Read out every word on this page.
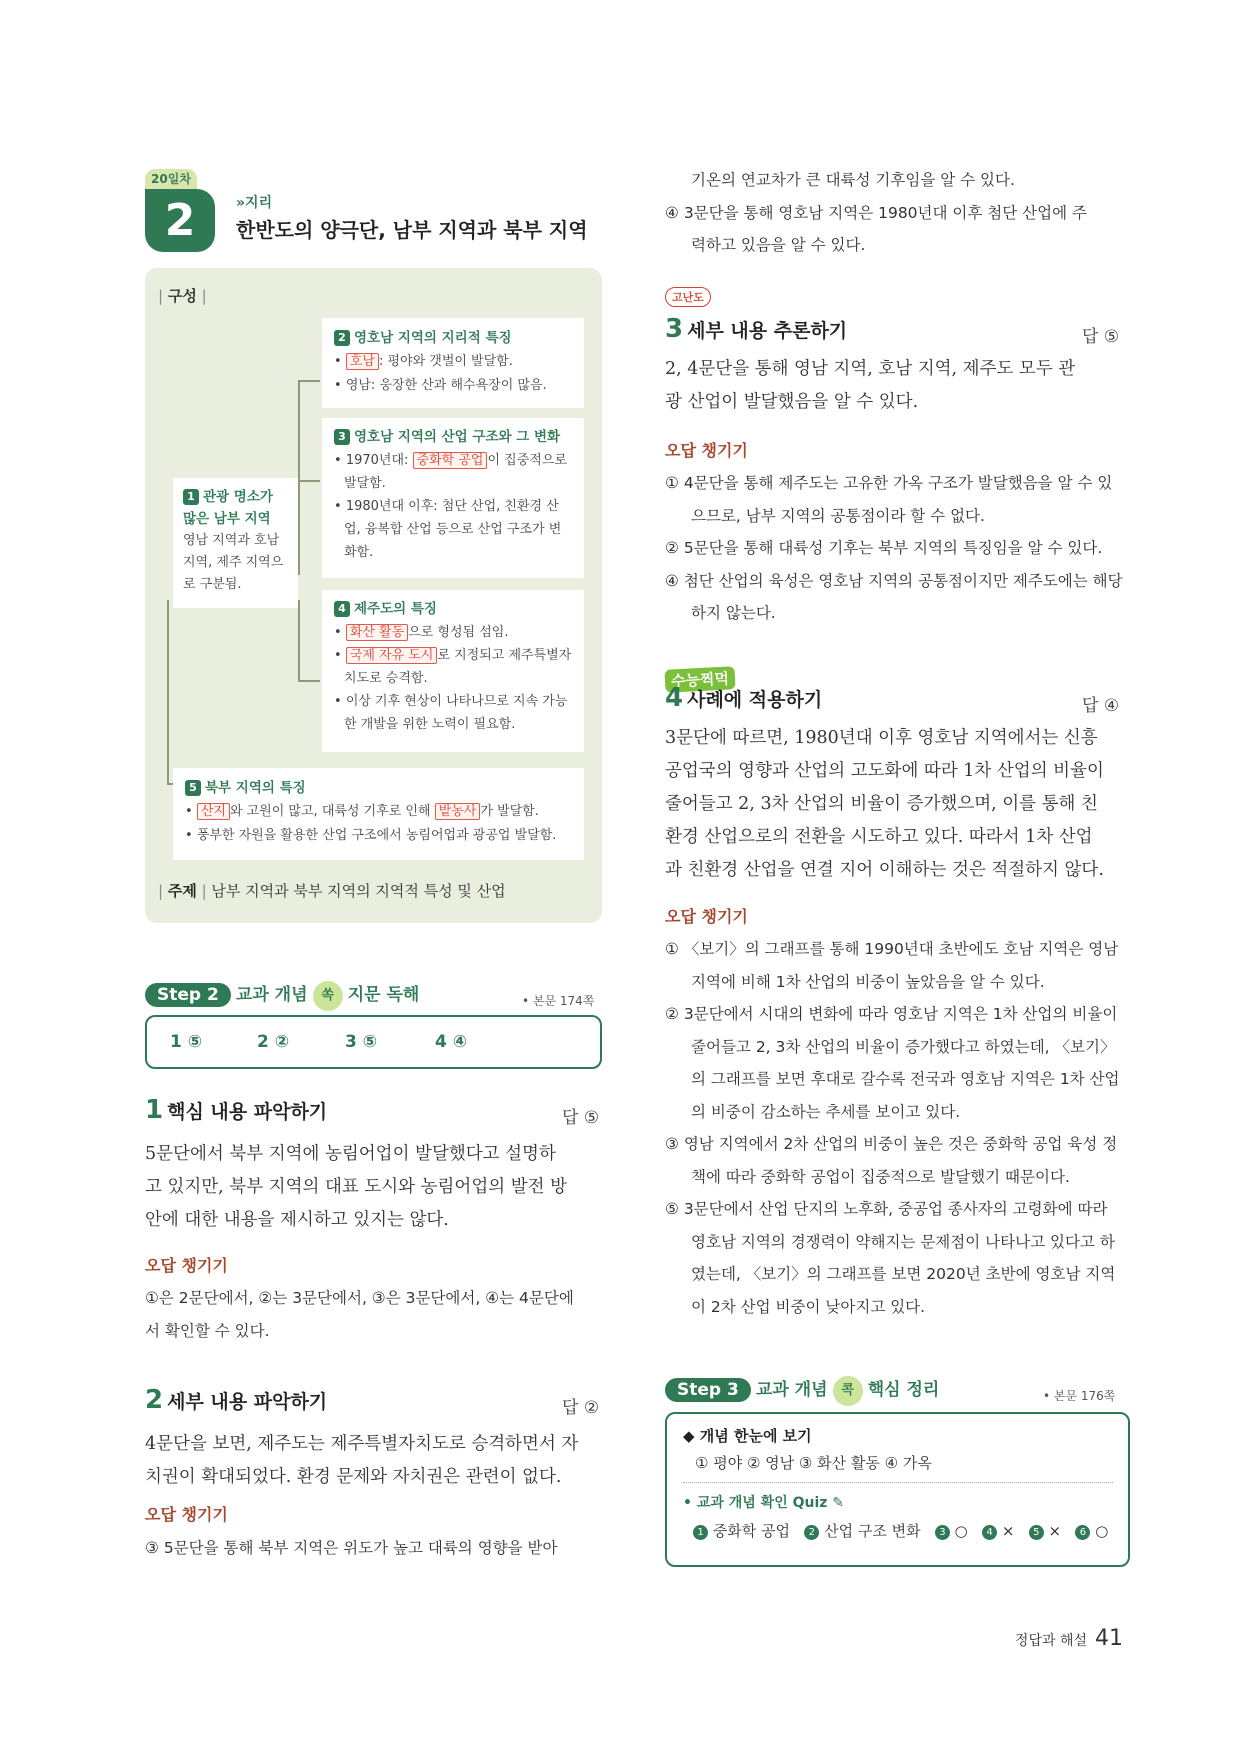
20일차
2	»지리
한반도의 양극단, 남부 지역과 북부 지역
| 구성 |
1 관광 명소가 많은 남부 지역
영남 지역과 호남 지역, 제주 지역으로 구분됨.
2 영호남 지역의 지리적 특징
• 호남 : 평야와 갯벌이 발달함.
• 영남: 웅장한 산과 해수욕장이 많음.
3 영호남 지역의 산업 구조와 그 변화
• 1970년대: 중화학 공업 이 집중적으로 발달함.
• 1980년대 이후: 첨단 산업, 친환경 산업, 융복합 산업 등으로 산업 구조가 변화함.
4 제주도의 특징
• 화산 활동 으로 형성됨 섬임.
• 국제 자유 도시 로 지정되고 제주특별자치도로 승격함.
• 이상 기후 현상이 나타나므로 지속 가능한 개발을 위한 노력이 필요함.
5 북부 지역의 특징
• 산지 와 고원이 많고, 대륙성 기후로 인해 밭농사 가 발달함.
• 풍부한 자원을 활용한 산업 구조에서 농림어업과 광공업 발달함.
| 주제 | 남부 지역과 북부 지역의 지역적 특성 및 산업
Step 2 교과 개념 쏙 지문 독해	• 본문 174쪽
1 ⑤	2 ②	3 ⑤	4 ④
1 핵심 내용 파악하기	답 ⑤
5문단에서 북부 지역에 농림어업이 발달했다고 설명하
고 있지만, 북부 지역의 대표 도시와 농림어업의 발전 방
안에 대한 내용을 제시하고 있지는 않다.
오답 챙기기
①은 2문단에서, ②는 3문단에서, ③은 3문단에서, ④는 4문단에
서 확인할 수 있다.
2 세부 내용 파악하기	답 ②
4문단을 보면, 제주도는 제주특별자치도로 승격하면서 자
치권이 확대되었다. 환경 문제와 자치권은 관련이 없다.
오답 챙기기
③ 5문단을 통해 북부 지역은 위도가 높고 대륙의 영향을 받아
기온의 연교차가 큰 대륙성 기후임을 알 수 있다.
④ 3문단을 통해 영호남 지역은 1980년대 이후 첨단 산업에 주
력하고 있음을 알 수 있다.
고난도
3 세부 내용 추론하기	답 ⑤
2, 4문단을 통해 영남 지역, 호남 지역, 제주도 모두 관
광 산업이 발달했음을 알 수 있다.
오답 챙기기
① 4문단을 통해 제주도는 고유한 가옥 구조가 발달했음을 알 수 있으므로, 남부 지역의 공통점이라 할 수 없다.
② 5문단을 통해 대륙성 기후는 북부 지역의 특징임을 알 수 있다.
④ 첨단 산업의 육성은 영호남 지역의 공통점이지만 제주도에는 해당하지 않는다.
수능찍먹
4 사례에 적용하기	답 ④
3문단에 따르면, 1980년대 이후 영호남 지역에서는 신흥
공업국의 영향과 산업의 고도화에 따라 1차 산업의 비율이
줄어들고 2, 3차 산업의 비율이 증가했으며, 이를 통해 친
환경 산업으로의 전환을 시도하고 있다. 따라서 1차 산업
과 친환경 산업을 연결 지어 이해하는 것은 적절하지 않다.
오답 챙기기
① 〈보기〉의 그래프를 통해 1990년대 초반에도 호남 지역은 영남 지역에 비해 1차 산업의 비중이 높았음을 알 수 있다.
② 3문단에서 시대의 변화에 따라 영호남 지역은 1차 산업의 비율이 줄어들고 2, 3차 산업의 비율이 증가했다고 하였는데, 〈보기〉의 그래프를 보면 후대로 갈수록 전국과 영호남 지역은 1차 산업의 비중이 감소하는 추세를 보이고 있다.
③ 영남 지역에서 2차 산업의 비중이 높은 것은 중화학 공업 육성 정책에 따라 중화학 공업이 집중적으로 발달했기 때문이다.
⑤ 3문단에서 산업 단지의 노후화, 중공업 종사자의 고령화에 따라 영호남 지역의 경쟁력이 약해지는 문제점이 나타나고 있다고 하였는데, 〈보기〉의 그래프를 보면 2020년 초반에 영호남 지역이 2차 산업 비중이 낮아지고 있다.
Step 3 교과 개념 콕 핵심 정리	• 본문 176쪽
◆ 개념 한눈에 보기
① 평야 ② 영남 ③ 화산 활동 ④ 가옥
• 교과 개념 확인 Quiz ✎
1 중화학 공업 2 산업 구조 변화 3 ○ 4 × 5 × 6 ○
정답과 해설 41
